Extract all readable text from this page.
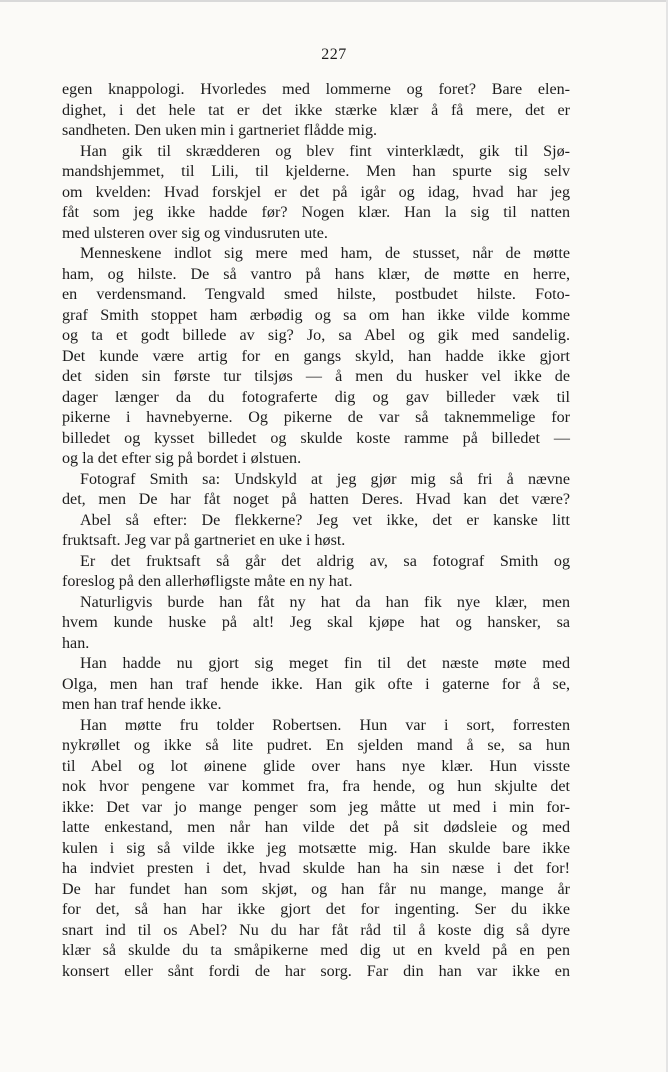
227
egen knappologi. Hvorledes med lommerne og foret? Bare elen-
dighet, i det hele tat er det ikke stærke klær å få mere, det er
sandheten. Den uken min i gartneriet flådde mig.
Han gik til skrædderen og blev fint vinterklædt, gik til Sjø-
mandshjemmet, til Lili, til kjelderne. Men han spurte sig selv
om kvelden: Hvad forskjel er det på igår og idag, hvad har jeg
fåt som jeg ikke hadde før? Nogen klær. Han la sig til natten
med ulsteren over sig og vindusruten ute.
Menneskene indlot sig mere med ham, de stusset, når de møtte
ham, og hilste. De så vantro på hans klær, de møtte en herre,
en verdensmand. Tengvald smed hilste, postbudet hilste. Foto-
graf Smith stoppet ham ærbødig og sa om han ikke vilde komme
og ta et godt billede av sig? Jo, sa Abel og gik med sandelig.
Det kunde være artig for en gangs skyld, han hadde ikke gjort
det siden sin første tur tilsjøs — å men du husker vel ikke de
dager længer da du fotograferte dig og gav billeder væk til
pikerne i havnebyerne. Og pikerne de var så taknemmelige for
billedet og kysset billedet og skulde koste ramme på billedet —
og la det efter sig på bordet i ølstuen.
Fotograf Smith sa: Undskyld at jeg gjør mig så fri å nævne
det, men De har fåt noget på hatten Deres. Hvad kan det være?
Abel så efter: De flekkerne? Jeg vet ikke, det er kanske litt
fruktsaft. Jeg var på gartneriet en uke i høst.
Er det fruktsaft så går det aldrig av, sa fotograf Smith og
foreslog på den allerhøfligste måte en ny hat.
Naturligvis burde han fåt ny hat da han fik nye klær, men
hvem kunde huske på alt! Jeg skal kjøpe hat og hansker, sa
han.
Han hadde nu gjort sig meget fin til det næste møte med
Olga, men han traf hende ikke. Han gik ofte i gaterne for å se,
men han traf hende ikke.
Han møtte fru tolder Robertsen. Hun var i sort, forresten
nykrøllet og ikke så lite pudret. En sjelden mand å se, sa hun
til Abel og lot øinene glide over hans nye klær. Hun visste
nok hvor pengene var kommet fra, fra hende, og hun skjulte det
ikke: Det var jo mange penger som jeg måtte ut med i min for-
latte enkestand, men når han vilde det på sit dødsleie og med
kulen i sig så vilde ikke jeg motsætte mig. Han skulde bare ikke
ha indviet presten i det, hvad skulde han ha sin næse i det for!
De har fundet han som skjøt, og han får nu mange, mange år
for det, så han har ikke gjort det for ingenting. Ser du ikke
snart ind til os Abel? Nu du har fåt råd til å koste dig så dyre
klær så skulde du ta småpikerne med dig ut en kveld på en pen
konsert eller sånt fordi de har sorg. Far din han var ikke en
